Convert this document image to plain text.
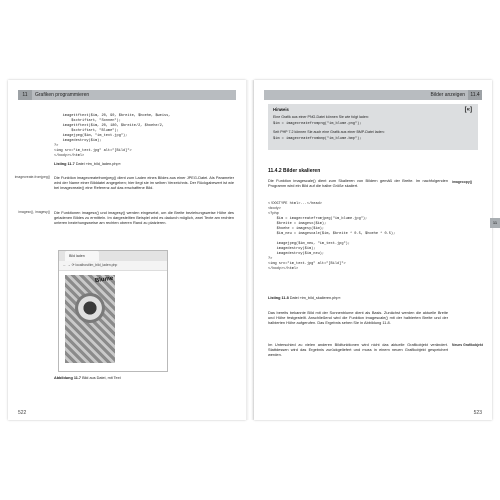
11 Grafiken programmieren
imagettftext($im, 20, 90, $breite, $hoehe, $weiss,
$schriftart, "Sonnen");
imagettftext($im, 20, 180, $breite/2, $hoehe/2,
$schriftart, "Blume");
imagejpeg($im, "im_text.jpg");
imagedestroy($im);
?>
<img src="im_text.jpg" alt="[Bild]">
</body></html>
Listing 11.7 Datei »im_bild_laden.php«
imagecreate-fromjpeg() Die Funktion imagecreatefromjpeg() dient zum Laden eines Bildes aus einer JPEG-Datei. Als Parameter wird der Name einer Bilddatei angegeben; hier liegt sie im selben Verzeichnis. Der Rückgabewert ist wie bei imagecreate() eine Referenz auf das erschaffene Bild.
imagesx(), imagesy() Die Funktionen imagesx() und imagesy() werden eingesetzt, um die Breite beziehungsweise Höhe des geladenen Bildes zu ermitteln. Im dargestellten Beispiel wird es dadurch möglich, zwei Texte am rechten unteren beziehungsweise am rechten oberen Rand zu platzieren.
Bild laden
← → ⟳ localhost/im_bild_laden.php
Blume
Abbildung 11.7 Bild aus Datei, mit Text
522
Bilder anzeigen 11.4
Hinweis	[«]
Eine Grafik aus einer PNG-Datei können Sie wie folgt laden:
$im = imagecreatefrompng("im_blume.png");
Seit PHP 7.2 können Sie auch eine Grafik aus einer BMP-Datei laden:
$im = imagecreatefrombmp("im_blume.bmp");
11.4.2 Bilder skalieren
Die Funktion imagescale() dient zum Skalieren von Bildern gemäß der Breite. Im nachfolgenden Programm wird ein Bild auf die halbe Größe skaliert.
imagecopy()
<!DOCTYPE html>...</head>
<body>
<?php
$im = imagecreatefromjpeg("im_blume.jpg");
$breite = imagesx($im);
$hoehe = imagesy($im);
$im_neu = imagescale($im, $breite * 0.5, $hoehe * 0.5);

imagejpeg($im_neu, "im_text.jpg");
imagedestroy($im);
imagedestroy($im_neu);
?>
<img src="im_text.jpg" alt="[Bild]">
</body></html>
Listing 11.8 Datei »im_bild_skalieren.php«
Das bereits bekannte Bild mit der Sonnenblume dient als Basis. Zunächst werden die aktuelle Breite und Höhe festgestellt. Anschließend wird die Funktion imagescale() mit der halbierten Breite und der halbierten Höhe aufgerufen. Das Ergebnis sehen Sie in Abbildung 11.8.
Im Unterschied zu vielen anderen Bildfunktionen wird nicht das aktuelle Grafikobjekt verändert. Stattdessen wird das Ergebnis zurückgeliefert und muss in einem neuen Grafikobjekt gespeichert werden.
Neues Grafikobjekt
523
11
